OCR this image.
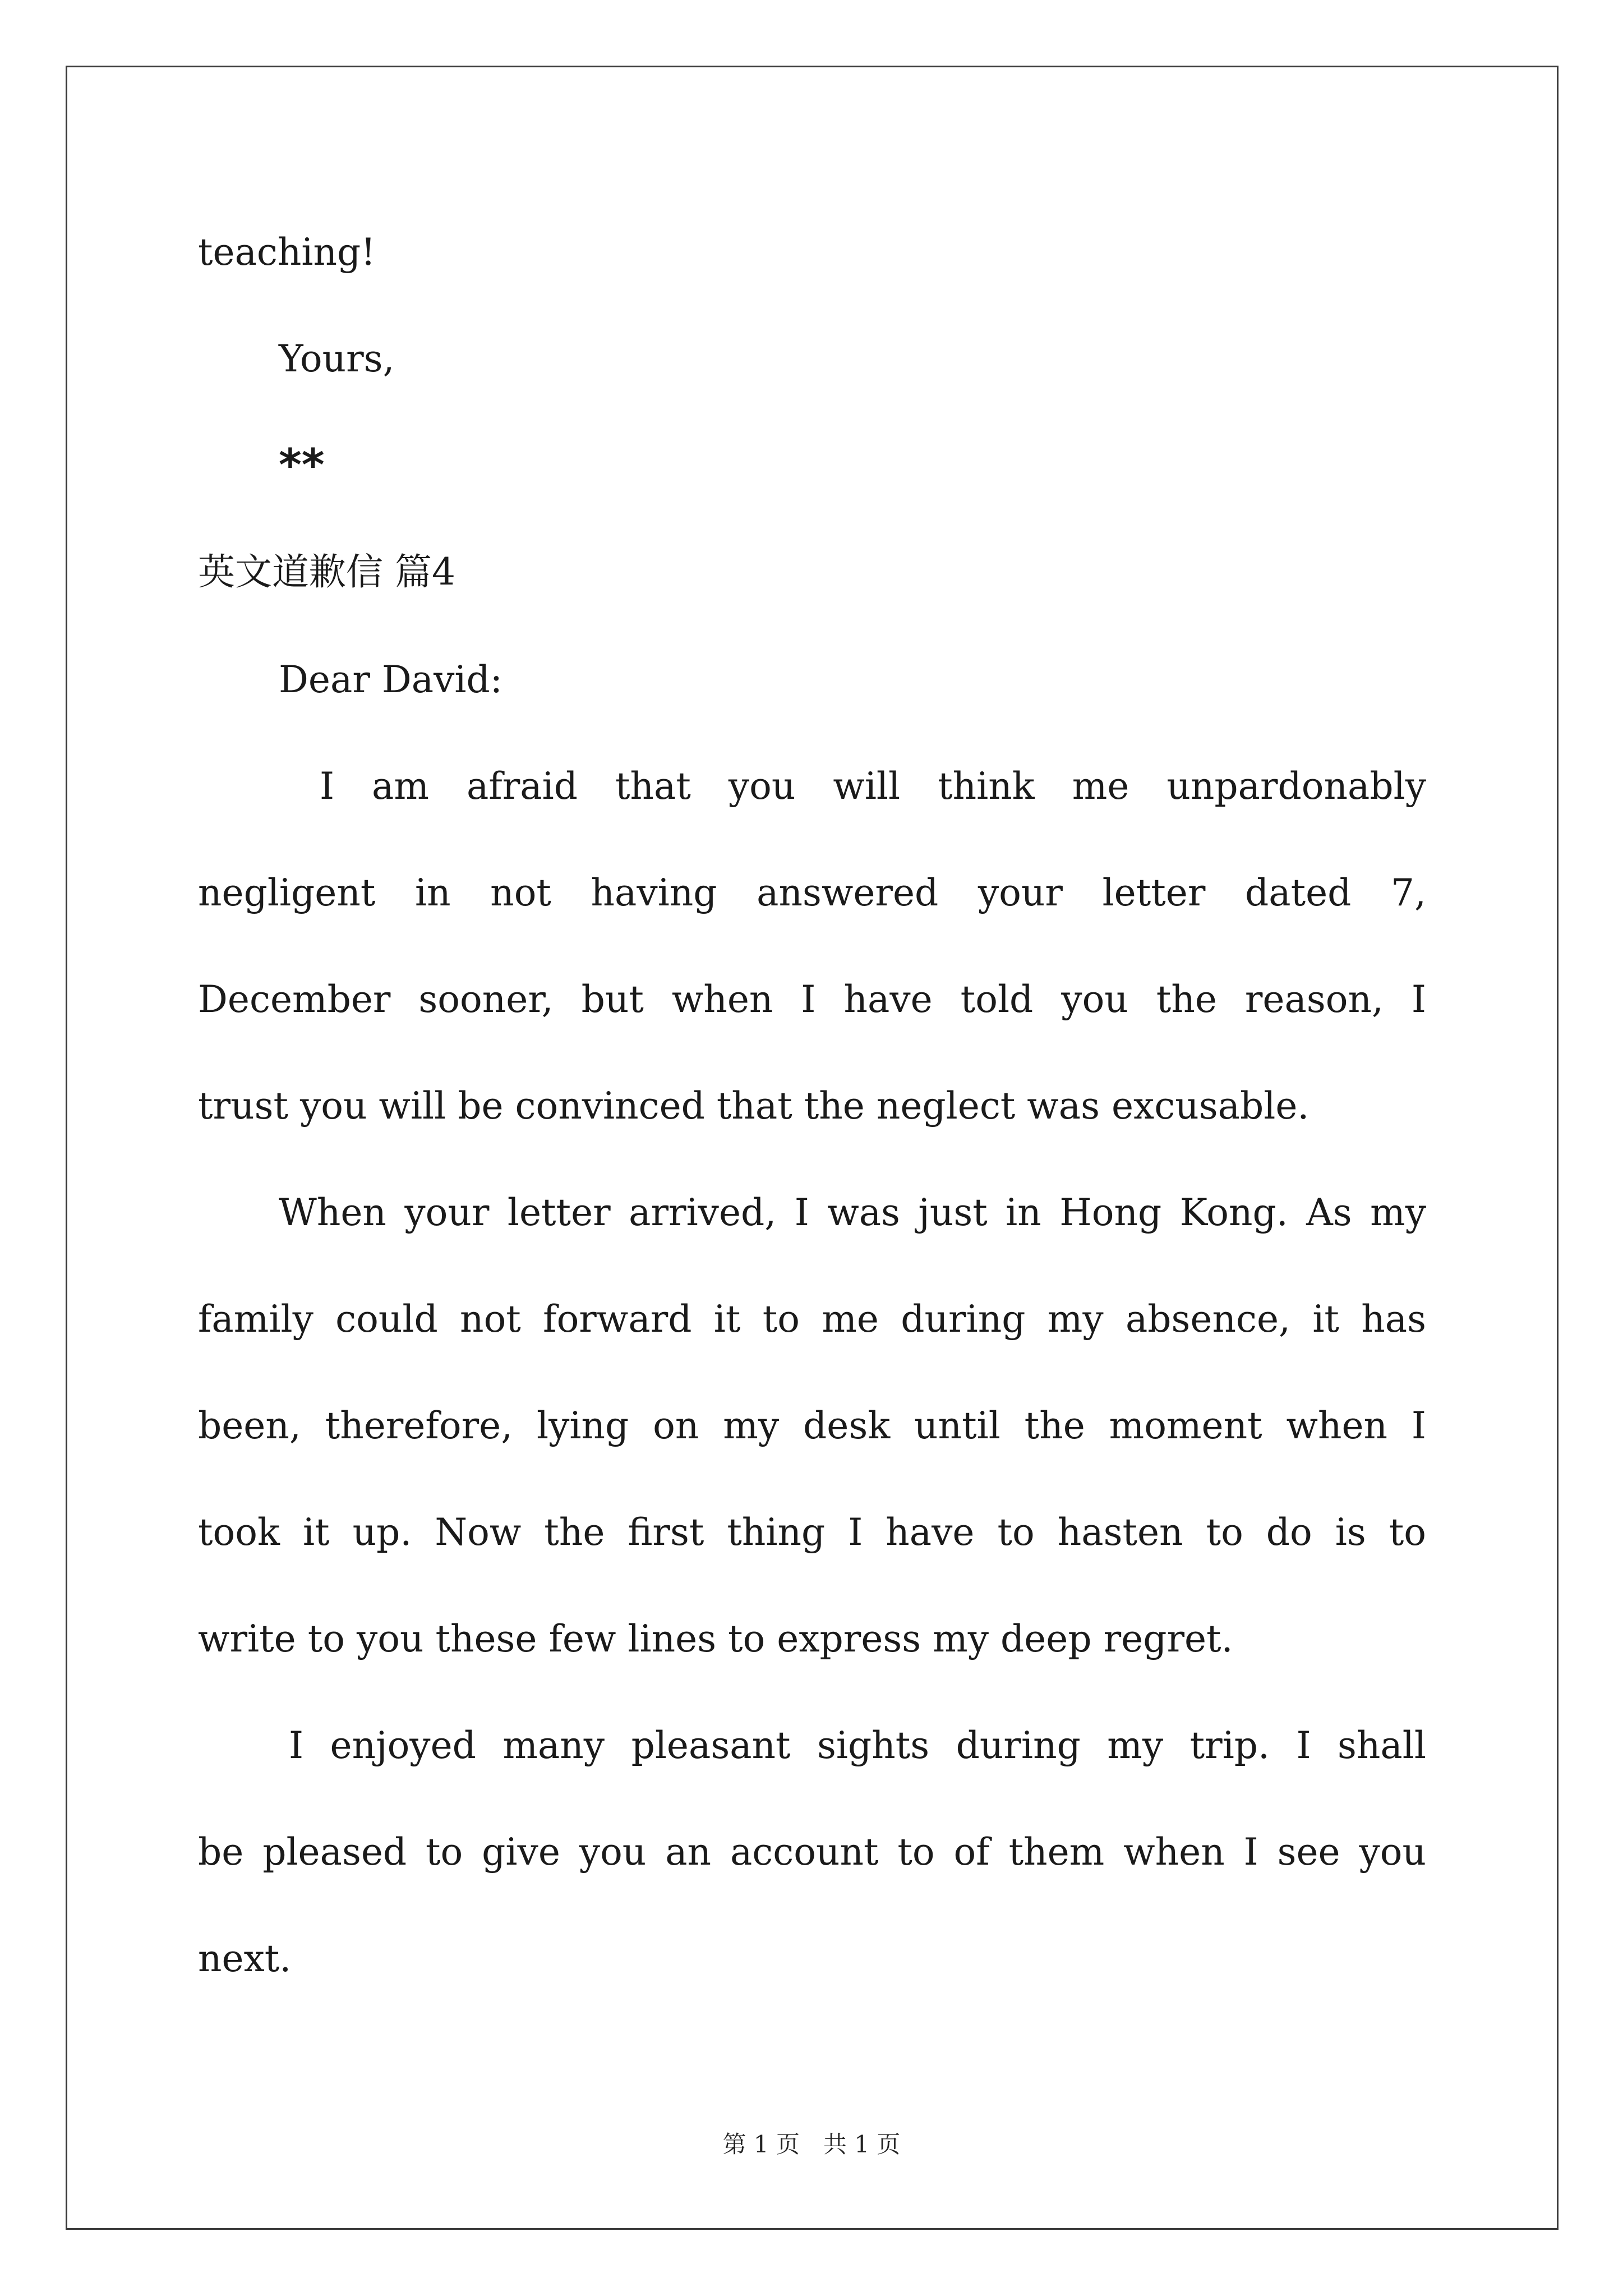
teaching!
Yours,
**
英文道歉信 篇4
Dear David:
I am afraid that you will think me unpardonably
negligent in not having answered your letter dated 7,
December sooner, but when I have told you the reason, I
trust you will be convinced that the neglect was excusable.
When your letter arrived, I was just in Hong Kong. As my
family could not forward it to me during my absence, it has
been, therefore, lying on my desk until the moment when I
took it up. Now the first thing I have to hasten to do is to
write to you these few lines to express my deep regret.
I enjoyed many pleasant sights during my trip. I shall
be pleased to give you an account to of them when I see you
next.
第 1 页　共 1 页
